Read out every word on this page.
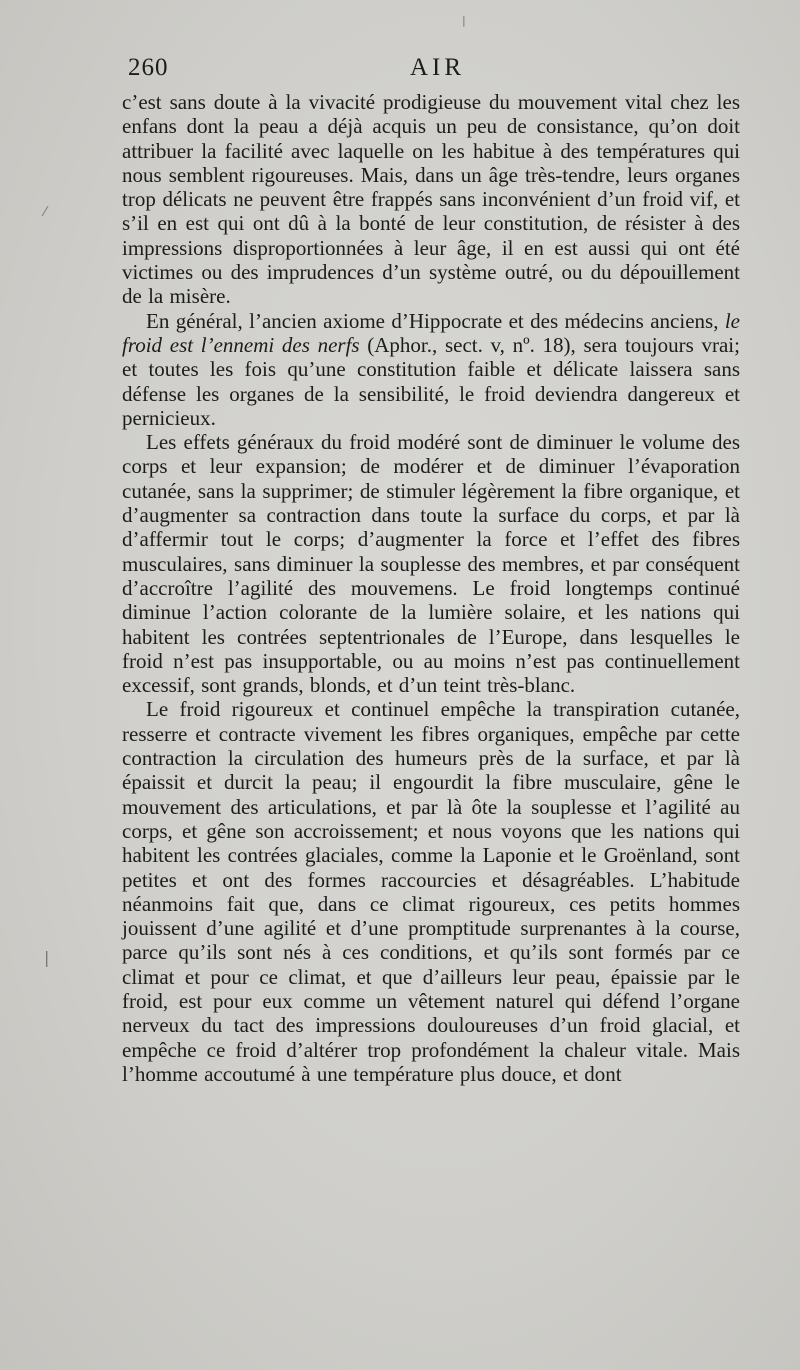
260	AIR

c’est sans doute à la vivacité prodigieuse du mouvement vital chez les enfans dont la peau a déjà acquis un peu de consistance, qu’on doit attribuer la facilité avec laquelle on les habitue à des températures qui nous semblent rigoureuses. Mais, dans un âge très-tendre, leurs organes trop délicats ne peuvent être frappés sans inconvénient d’un froid vif, et s’il en est qui ont dû à la bonté de leur constitution, de résister à des impressions disproportionnées à leur âge, il en est aussi qui ont été victimes ou des imprudences d’un système outré, ou du dépouillement de la misère.

En général, l’ancien axiome d’Hippocrate et des médecins anciens, le froid est l’ennemi des nerfs (Aphor., sect. v, nº. 18), sera toujours vrai; et toutes les fois qu’une constitution faible et délicate laissera sans défense les organes de la sensibilité, le froid deviendra dangereux et pernicieux.

Les effets généraux du froid modéré sont de diminuer le volume des corps et leur expansion; de modérer et de diminuer l’évaporation cutanée, sans la supprimer; de stimuler légèrement la fibre organique, et d’augmenter sa contraction dans toute la surface du corps, et par là d’affermir tout le corps; d’augmenter la force et l’effet des fibres musculaires, sans diminuer la souplesse des membres, et par conséquent d’accroître l’agilité des mouvemens. Le froid longtemps continué diminue l’action colorante de la lumière solaire, et les nations qui habitent les contrées septentrionales de l’Europe, dans lesquelles le froid n’est pas insupportable, ou au moins n’est pas continuellement excessif, sont grands, blonds, et d’un teint très-blanc.

Le froid rigoureux et continuel empêche la transpiration cutanée, resserre et contracte vivement les fibres organiques, empêche par cette contraction la circulation des humeurs près de la surface, et par là épaissit et durcit la peau; il engourdit la fibre musculaire, gêne le mouvement des articulations, et par là ôte la souplesse et l’agilité au corps, et gêne son accroissement; et nous voyons que les nations qui habitent les contrées glaciales, comme la Laponie et le Groënland, sont petites et ont des formes raccourcies et désagréables. L’habitude néanmoins fait que, dans ce climat rigoureux, ces petits hommes jouissent d’une agilité et d’une promptitude surprenantes à la course, parce qu’ils sont nés à ces conditions, et qu’ils sont formés par ce climat et pour ce climat, et que d’ailleurs leur peau, épaissie par le froid, est pour eux comme un vêtement naturel qui défend l’organe nerveux du tact des impressions douloureuses d’un froid glacial, et empêche ce froid d’altérer trop profondément la chaleur vitale. Mais l’homme accoutumé à une température plus douce, et dont

⁄
|
|
